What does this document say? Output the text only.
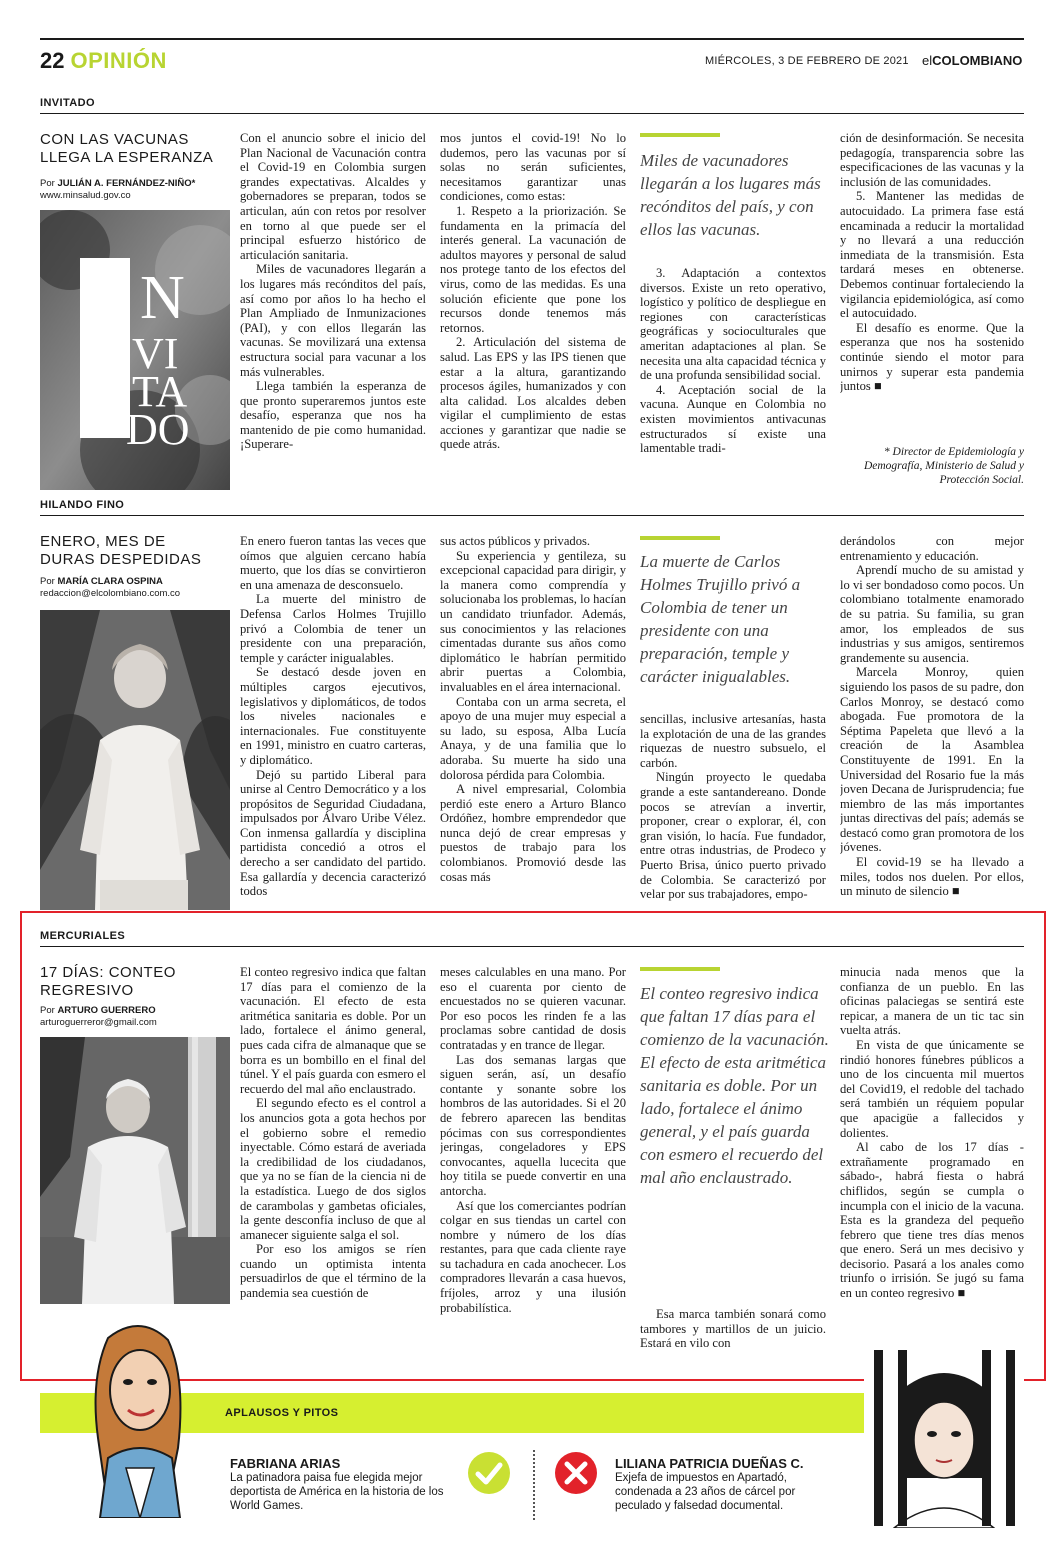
22 OPINIÓN	MIÉRCOLES, 3 DE FEBRERO DE 2021 elCOLOMBIANO
INVITADO
CON LAS VACUNAS
LLEGA LA ESPERANZA
Por JULIÁN A. FERNÁNDEZ-NIÑO*
www.minsalud.gov.co
N
VI
TA
DO

Con el anuncio sobre el inicio del Plan Nacional de Vacunación contra el Covid-19 en Colombia surgen grandes expectativas. Alcaldes y gobernadores se preparan, todos se articulan, aún con retos por resolver en torno al que puede ser el principal esfuerzo histórico de articulación sanitaria.

Miles de vacunadores llegarán a los lugares más recónditos del país, así como por años lo ha hecho el Plan Ampliado de Inmunizaciones (PAI), y con ellos llegarán las vacunas. Se movilizará una extensa estructura social para vacunar a los más vulnerables.

Llega también la esperanza de que pronto superaremos juntos este desafío, esperanza que nos ha mantenido de pie como humanidad. ¡Superare-

mos juntos el covid-19! No lo dudemos, pero las vacunas por sí solas no serán suficientes, necesitamos garantizar unas condiciones, como estas:

1. Respeto a la priorización. Se fundamenta en la primacía del interés general. La vacunación de adultos mayores y personal de salud nos protege tanto de los efectos del virus, como de las medidas. Es una solución eficiente que pone los recursos donde tenemos más retornos.

2. Articulación del sistema de salud. Las EPS y las IPS tienen que estar a la altura, garantizando procesos ágiles, humanizados y con alta calidad. Los alcaldes deben vigilar el cumplimiento de estas acciones y garantizar que nadie se quede atrás.

Miles de vacunadores llegarán a los lugares más recónditos del país, y con ellos las vacunas.

3. Adaptación a contextos diversos. Existe un reto operativo, logístico y político de despliegue en regiones con características geográficas y socioculturales que ameritan adaptaciones al plan. Se necesita una alta capacidad técnica y de una profunda sensibilidad social.

4. Aceptación social de la vacuna. Aunque en Colombia no existen movimientos antivacunas estructurados sí existe una lamentable tradi-

ción de desinformación. Se necesita pedagogía, transparencia sobre las especificaciones de las vacunas y la inclusión de las comunidades.

5. Mantener las medidas de autocuidado. La primera fase está encaminada a reducir la mortalidad y no llevará a una reducción inmediata de la transmisión. Esta tardará meses en obtenerse. Debemos continuar fortaleciendo la vigilancia epidemiológica, así como el autocuidado.

El desafío es enorme. Que la esperanza que nos ha sostenido continúe siendo el motor para unirnos y superar esta pandemia juntos ■

* Director de Epidemiología y Demografía, Ministerio de Salud y Protección Social.
HILANDO FINO
ENERO, MES DE
DURAS DESPEDIDAS
Por MARÍA CLARA OSPINA
redaccion@elcolombiano.com.co

En enero fueron tantas las veces que oímos que alguien cercano había muerto, que los días se convirtieron en una amenaza de desconsuelo.

La muerte del ministro de Defensa Carlos Holmes Trujillo privó a Colombia de tener un presidente con una preparación, temple y carácter inigualables.

Se destacó desde joven en múltiples cargos ejecutivos, legislativos y diplomáticos, de todos los niveles nacionales e internacionales. Fue constituyente en 1991, ministro en cuatro carteras, y diplomático.

Dejó su partido Liberal para unirse al Centro Democrático y a los propósitos de Seguridad Ciudadana, impulsados por Álvaro Uribe Vélez. Con inmensa gallardía y disciplina partidista concedió a otros el derecho a ser candidato del partido. Esa gallardía y decencia caracterizó todos

sus actos públicos y privados.

Su experiencia y gentileza, su excepcional capacidad para dirigir, y la manera como comprendía y solucionaba los problemas, lo hacían un candidato triunfador. Además, sus conocimientos y las relaciones cimentadas durante sus años como diplomático le habrían permitido abrir puertas a Colombia, invaluables en el área internacional.

Contaba con un arma secreta, el apoyo de una mujer muy especial a su lado, su esposa, Alba Lucía Anaya, y de una familia que lo adoraba. Su muerte ha sido una dolorosa pérdida para Colombia.

A nivel empresarial, Colombia perdió este enero a Arturo Blanco Ordóñez, hombre emprendedor que nunca dejó de crear empresas y puestos de trabajo para los colombianos. Promovió desde las cosas más

La muerte de Carlos Holmes Trujillo privó a Colombia de tener un presidente con una preparación, temple y carácter inigualables.

sencillas, inclusive artesanías, hasta la explotación de una de las grandes riquezas de nuestro subsuelo, el carbón.

Ningún proyecto le quedaba grande a este santandereano. Donde pocos se atrevían a invertir, proponer, crear o explorar, él, con gran visión, lo hacía. Fue fundador, entre otras industrias, de Prodeco y Puerto Brisa, único puerto privado de Colombia. Se caracterizó por velar por sus trabajadores, empo-

derándolos con mejor entrenamiento y educación.

Aprendí mucho de su amistad y lo vi ser bondadoso como pocos. Un colombiano totalmente enamorado de su patria. Su familia, su gran amor, los empleados de sus industrias y sus amigos, sentiremos grandemente su ausencia.

Marcela Monroy, quien siguiendo los pasos de su padre, don Carlos Monroy, se destacó como abogada. Fue promotora de la Séptima Papeleta que llevó a la creación de la Asamblea Constituyente de 1991. En la Universidad del Rosario fue la más joven Decana de Jurisprudencia; fue miembro de las más importantes juntas directivas del país; además se destacó como gran promotora de los jóvenes.

El covid-19 se ha llevado a miles, todos nos duelen. Por ellos, un minuto de silencio ■

MERCURIALES
17 DÍAS: CONTEO
REGRESIVO
Por ARTURO GUERRERO
arturoguerreror@gmail.com

El conteo regresivo indica que faltan 17 días para el comienzo de la vacunación. El efecto de esta aritmética sanitaria es doble. Por un lado, fortalece el ánimo general, pues cada cifra de almanaque que se borra es un bombillo en el final del túnel. Y el país guarda con esmero el recuerdo del mal año enclaustrado.

El segundo efecto es el control a los anuncios gota a gota hechos por el gobierno sobre el remedio inyectable. Cómo estará de averiada la credibilidad de los ciudadanos, que ya no se fían de la ciencia ni de la estadística. Luego de dos siglos de carambolas y gambetas oficiales, la gente desconfía incluso de que al amanecer siguiente salga el sol.

Por eso los amigos se ríen cuando un optimista intenta persuadirlos de que el término de la pandemia sea cuestión de

meses calculables en una mano. Por eso el cuarenta por ciento de encuestados no se quieren vacunar. Por eso pocos les rinden fe a las proclamas sobre cantidad de dosis contratadas y en trance de llegar.

Las dos semanas largas que siguen serán, así, un desafío contante y sonante sobre los hombros de las autoridades. Si el 20 de febrero aparecen las benditas pócimas con sus correspondientes jeringas, congeladores y EPS convocantes, aquella lucecita que hoy titila se puede convertir en una antorcha.

Así que los comerciantes podrían colgar en sus tiendas un cartel con nombre y número de los días restantes, para que cada cliente raye su tachadura en cada anochecer. Los compradores llevarán a casa huevos, fríjoles, arroz y una ilusión probabilística.

El conteo regresivo indica que faltan 17 días para el comienzo de la vacunación. El efecto de esta aritmética sanitaria es doble. Por un lado, fortalece el ánimo general, y el país guarda con esmero el recuerdo del mal año enclaustrado.

Esa marca también sonará como tambores y martillos de un juicio. Estará en vilo con

minucia nada menos que la confianza de un pueblo. En las oficinas palaciegas se sentirá este repicar, a manera de un tic tac sin vuelta atrás.

En vista de que únicamente se rindió honores fúnebres públicos a uno de los cincuenta mil muertos del Covid19, el redoble del tachado será también un réquiem popular que apacigüe a fallecidos y dolientes.

Al cabo de los 17 días -extrañamente programado en sábado-, habrá fiesta o habrá chiflidos, según se cumpla o incumpla con el inicio de la vacuna. Esta es la grandeza del pequeño febrero que tiene tres días menos que enero. Será un mes decisivo y decisorio. Pasará a los anales como triunfo o irrisión. Se jugó su fama en un conteo regresivo ■

APLAUSOS Y PITOS
FABRIANA ARIAS
La patinadora paisa fue elegida mejor deportista de América en la historia de los World Games.
LILIANA PATRICIA DUEÑAS C.
Exjefa de impuestos en Apartadó, condenada a 23 años de cárcel por peculado y falsedad documental.
